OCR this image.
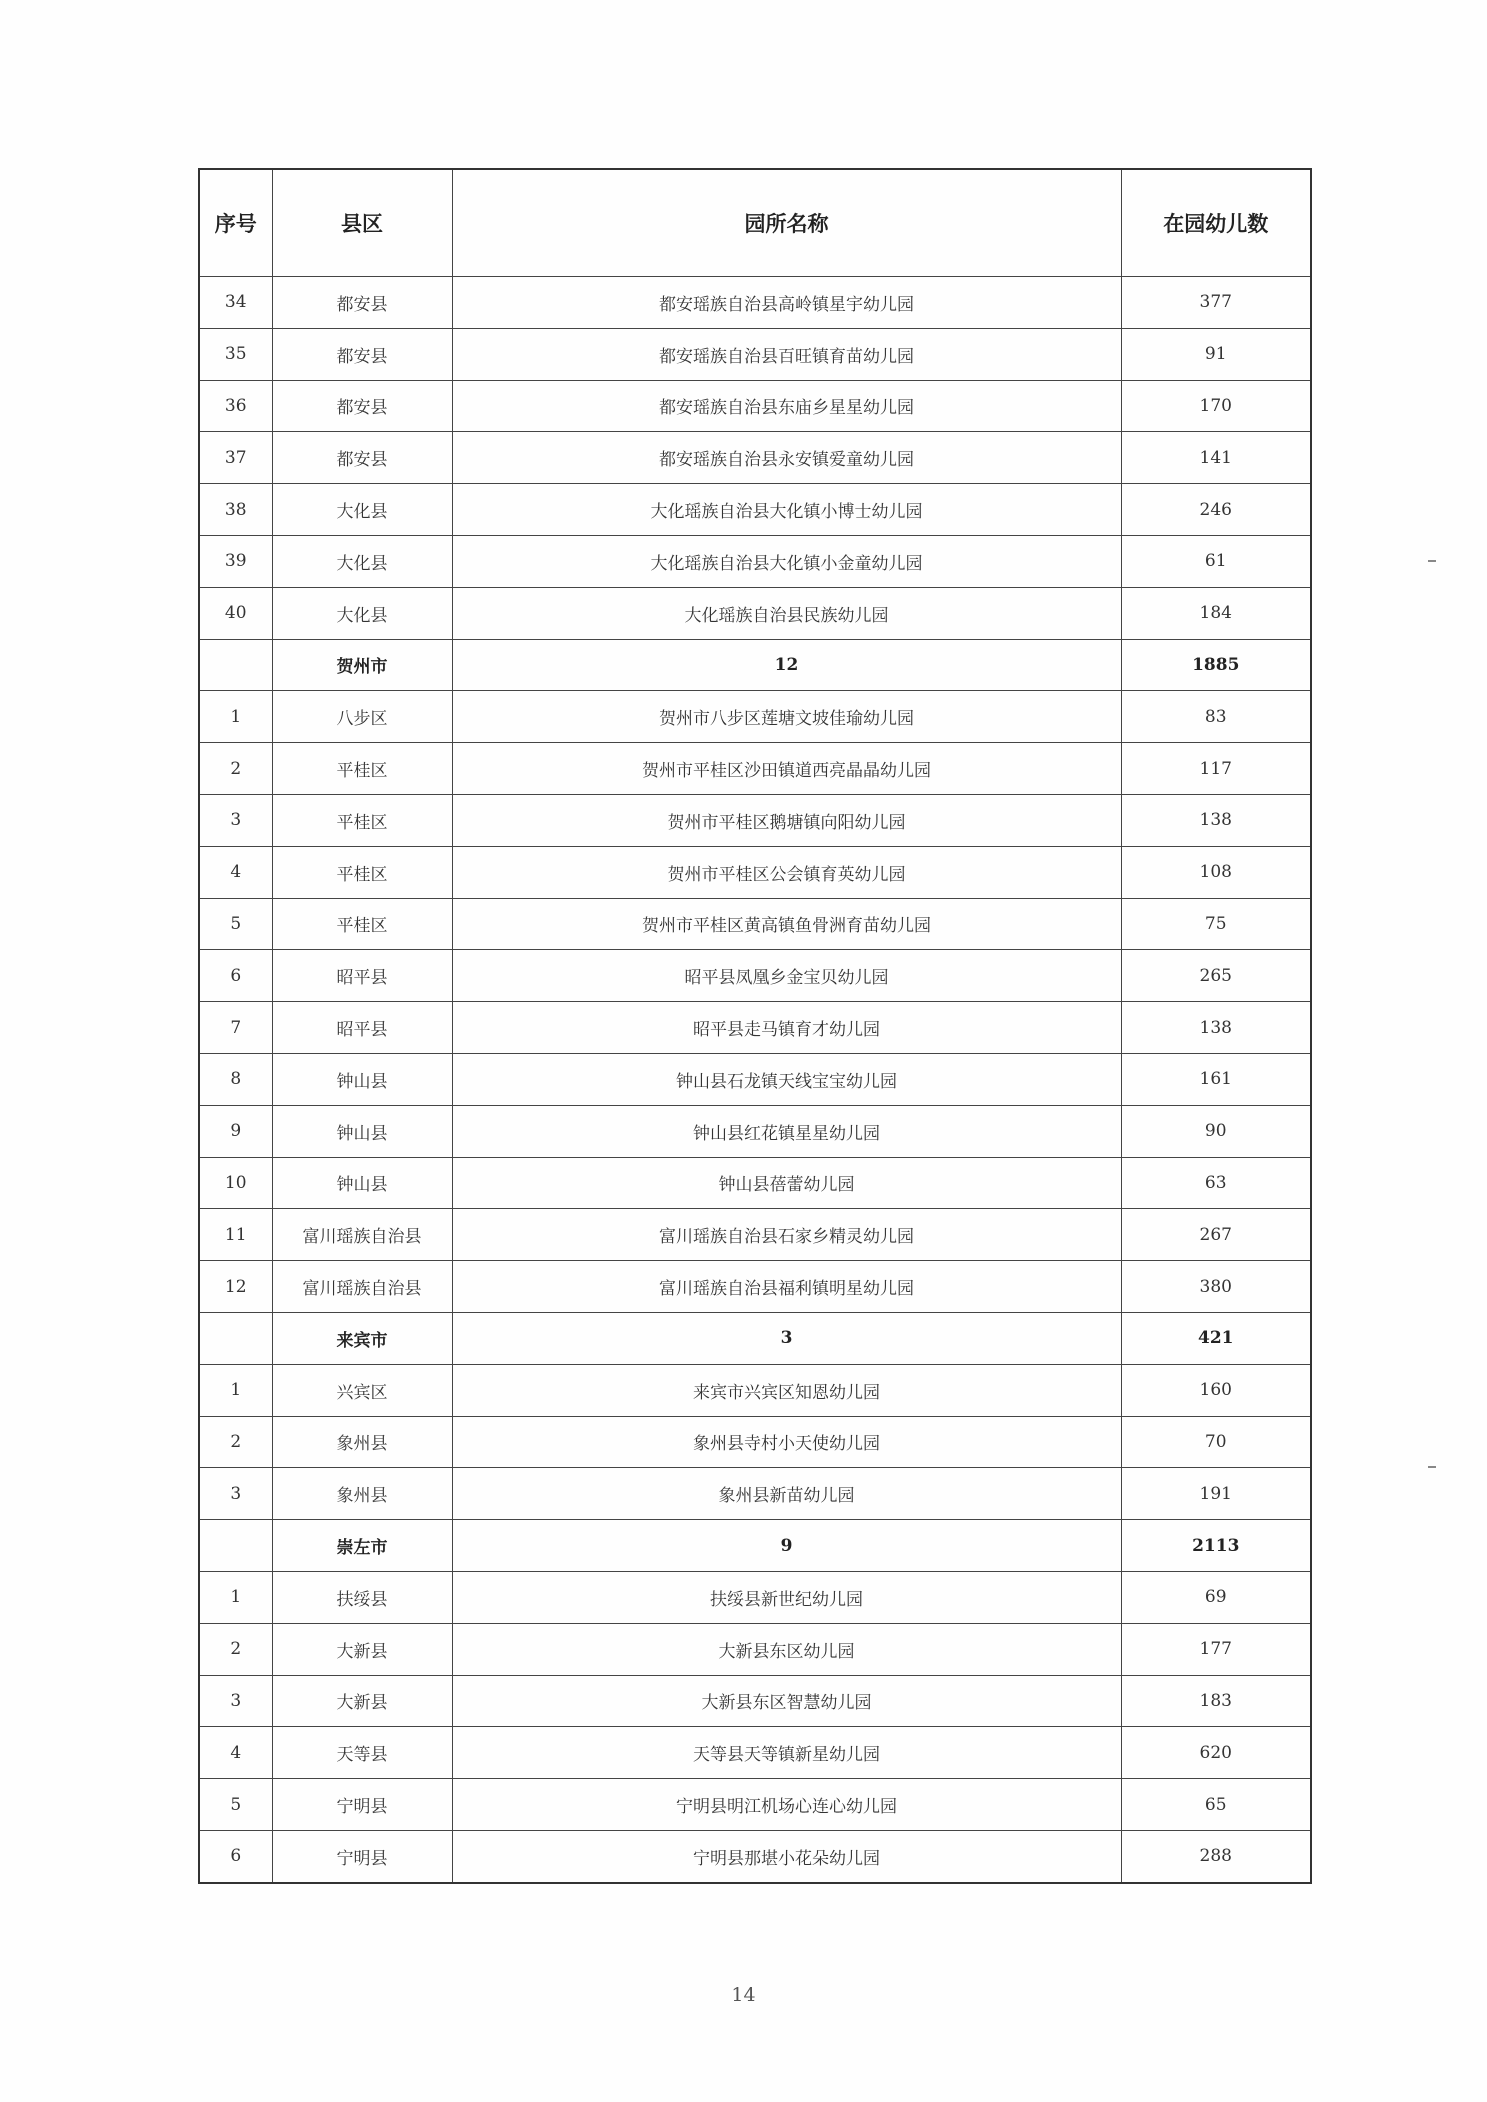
序号	县区	园所名称	在园幼儿数
34	都安县	都安瑶族自治县高岭镇星宇幼儿园	377
35	都安县	都安瑶族自治县百旺镇育苗幼儿园	91
36	都安县	都安瑶族自治县东庙乡星星幼儿园	170
37	都安县	都安瑶族自治县永安镇爱童幼儿园	141
38	大化县	大化瑶族自治县大化镇小博士幼儿园	246
39	大化县	大化瑶族自治县大化镇小金童幼儿园	61
40	大化县	大化瑶族自治县民族幼儿园	184
	贺州市	12	1885
1	八步区	贺州市八步区莲塘文坡佳瑜幼儿园	83
2	平桂区	贺州市平桂区沙田镇道西亮晶晶幼儿园	117
3	平桂区	贺州市平桂区鹅塘镇向阳幼儿园	138
4	平桂区	贺州市平桂区公会镇育英幼儿园	108
5	平桂区	贺州市平桂区黄高镇鱼骨洲育苗幼儿园	75
6	昭平县	昭平县凤凰乡金宝贝幼儿园	265
7	昭平县	昭平县走马镇育才幼儿园	138
8	钟山县	钟山县石龙镇天线宝宝幼儿园	161
9	钟山县	钟山县红花镇星星幼儿园	90
10	钟山县	钟山县蓓蕾幼儿园	63
11	富川瑶族自治县	富川瑶族自治县石家乡精灵幼儿园	267
12	富川瑶族自治县	富川瑶族自治县福利镇明星幼儿园	380
	来宾市	3	421
1	兴宾区	来宾市兴宾区知恩幼儿园	160
2	象州县	象州县寺村小天使幼儿园	70
3	象州县	象州县新苗幼儿园	191
	崇左市	9	2113
1	扶绥县	扶绥县新世纪幼儿园	69
2	大新县	大新县东区幼儿园	177
3	大新县	大新县东区智慧幼儿园	183
4	天等县	天等县天等镇新星幼儿园	620
5	宁明县	宁明县明江机场心连心幼儿园	65
6	宁明县	宁明县那堪小花朵幼儿园	288
14
